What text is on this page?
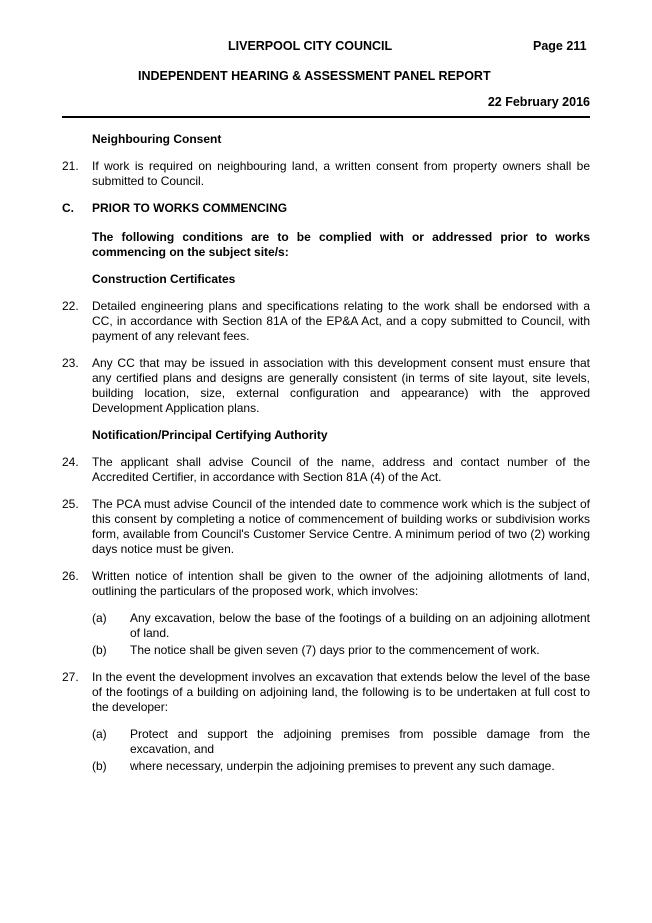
LIVERPOOL CITY COUNCIL	Page 211
INDEPENDENT HEARING & ASSESSMENT PANEL REPORT
22 February 2016
Neighbouring Consent
21.	If work is required on neighbouring land, a written consent from property owners shall be submitted to Council.
C.	PRIOR TO WORKS COMMENCING
The following conditions are to be complied with or addressed prior to works commencing on the subject site/s:
Construction Certificates
22.	Detailed engineering plans and specifications relating to the work shall be endorsed with a CC, in accordance with Section 81A of the EP&A Act, and a copy submitted to Council, with payment of any relevant fees.
23.	Any CC that may be issued in association with this development consent must ensure that any certified plans and designs are generally consistent (in terms of site layout, site levels, building location, size, external configuration and appearance) with the approved Development Application plans.
Notification/Principal Certifying Authority
24.	The applicant shall advise Council of the name, address and contact number of the Accredited Certifier, in accordance with Section 81A (4) of the Act.
25.	The PCA must advise Council of the intended date to commence work which is the subject of this consent by completing a notice of commencement of building works or subdivision works form, available from Council's Customer Service Centre. A minimum period of two (2) working days notice must be given.
26.	Written notice of intention shall be given to the owner of the adjoining allotments of land, outlining the particulars of the proposed work, which involves:
(a)	Any excavation, below the base of the footings of a building on an adjoining allotment of land.
(b)	The notice shall be given seven (7) days prior to the commencement of work.
27.	In the event the development involves an excavation that extends below the level of the base of the footings of a building on adjoining land, the following is to be undertaken at full cost to the developer:
(a)	Protect and support the adjoining premises from possible damage from the excavation, and
(b)	where necessary, underpin the adjoining premises to prevent any such damage.
